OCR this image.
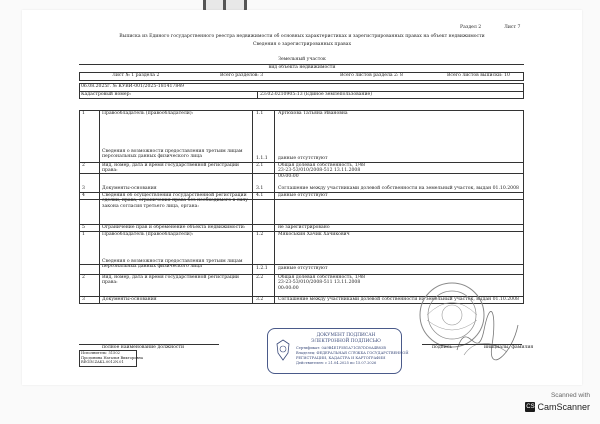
Раздел 2	Лист 7
Выписка из Единого государственного реестра недвижимости об основных характеристиках и зарегистрированных правах на объект недвижимости
Сведения о зарегистрированных правах
Земельный участок
вид объекта недвижимости
Лист № 1 раздела 2	Всего разделов: 3	Всего листов раздела 2: 8	Всего листов выписки: 10
06.08.2025г. № КУВИ-001/2025-181417849
Кадастровый номер:	23:02:0210905:13 (Единое землепользование)
1	Правообладатель (правообладатели):	1.1	Артюхова Татьяна Ивановна
Сведения о возможности предоставления третьим лицам персональных данных физического лица	1.1.1 данные отсутствуют
2	Вид, номер, дата и время государственной регистрации права:
2.1	Общая долевая собственность, 1/48 23-23-53/010/2008-512 13.11.2008 00:00:00
3	Документы-основания	3.1	Соглашение между участниками долевой собственности на земельный участок, выдан 01.10.2008
4	Сведения об осуществлении государственной регистрации сделки, права, ограничения права без необходимого в силу закона согласия третьего лица, органа:
4.1	данные отсутствуют
5	Ограничение прав и обременение объекта недвижимости:	не зарегистрировано
1	Правообладатель (правообладатели):	1.2	Мякоськин Хачик Хачикович
Сведения о возможности предоставления третьим лицам персональных данных физического лица	1.2.1 данные отсутствуют
2	Вид, номер, дата и время государственной регистрации права:
2.2	Общая долевая собственность, 1/48 23-23-53/010/2008-511 13.11.2008 00:00:00
3	Документы-основания	3.2	Соглашение между участниками долевой собственности на земельный участок, выдан 01.10.2008
полное наименование должности	подпись	инициалы, фамилия
Исполнитель: 51502
Продонина Наталья Викторовна
REGIN.ZAKL.0012N.01
ДОКУМЕНТ ПОДПИСАН
ЭЛЕКТРОННОЙ ПОДПИСЬЮ
Сертификат: 0A9B4E1F5B1A71CB7DD0A4B83B
Владелец: ФЕДЕРАЛЬНАЯ СЛУЖБА ГОСУДАРСТВЕННОЙ
РЕГИСТРАЦИИ, КАДАСТРА И КАРТОГРАФИИ
Действителен: с 21.04.2025 по 15.07.2026
Scanned with
CS CamScanner
